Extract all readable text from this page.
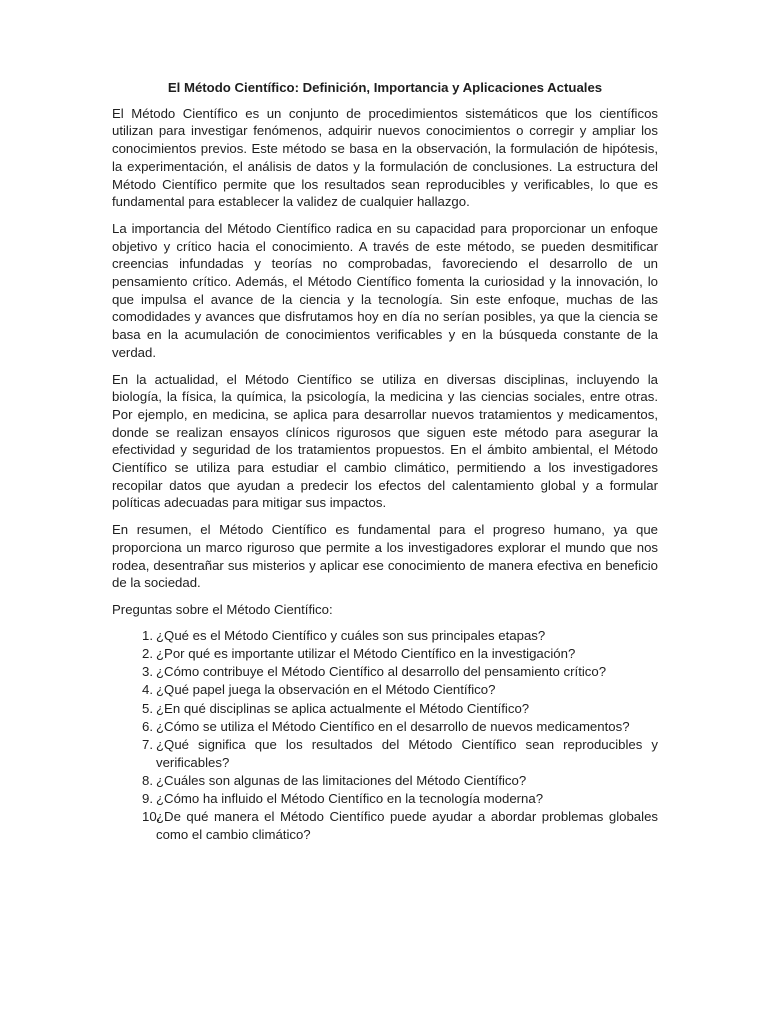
El Método Científico: Definición, Importancia y Aplicaciones Actuales

El Método Científico es un conjunto de procedimientos sistemáticos que los científicos utilizan para investigar fenómenos, adquirir nuevos conocimientos o corregir y ampliar los conocimientos previos. Este método se basa en la observación, la formulación de hipótesis, la experimentación, el análisis de datos y la formulación de conclusiones. La estructura del Método Científico permite que los resultados sean reproducibles y verificables, lo que es fundamental para establecer la validez de cualquier hallazgo.

La importancia del Método Científico radica en su capacidad para proporcionar un enfoque objetivo y crítico hacia el conocimiento. A través de este método, se pueden desmitificar creencias infundadas y teorías no comprobadas, favoreciendo el desarrollo de un pensamiento crítico. Además, el Método Científico fomenta la curiosidad y la innovación, lo que impulsa el avance de la ciencia y la tecnología. Sin este enfoque, muchas de las comodidades y avances que disfrutamos hoy en día no serían posibles, ya que la ciencia se basa en la acumulación de conocimientos verificables y en la búsqueda constante de la verdad.

En la actualidad, el Método Científico se utiliza en diversas disciplinas, incluyendo la biología, la física, la química, la psicología, la medicina y las ciencias sociales, entre otras. Por ejemplo, en medicina, se aplica para desarrollar nuevos tratamientos y medicamentos, donde se realizan ensayos clínicos rigurosos que siguen este método para asegurar la efectividad y seguridad de los tratamientos propuestos. En el ámbito ambiental, el Método Científico se utiliza para estudiar el cambio climático, permitiendo a los investigadores recopilar datos que ayudan a predecir los efectos del calentamiento global y a formular políticas adecuadas para mitigar sus impactos.

En resumen, el Método Científico es fundamental para el progreso humano, ya que proporciona un marco riguroso que permite a los investigadores explorar el mundo que nos rodea, desentrañar sus misterios y aplicar ese conocimiento de manera efectiva en beneficio de la sociedad.

Preguntas sobre el Método Científico:

1. ¿Qué es el Método Científico y cuáles son sus principales etapas?
2. ¿Por qué es importante utilizar el Método Científico en la investigación?
3. ¿Cómo contribuye el Método Científico al desarrollo del pensamiento crítico?
4. ¿Qué papel juega la observación en el Método Científico?
5. ¿En qué disciplinas se aplica actualmente el Método Científico?
6. ¿Cómo se utiliza el Método Científico en el desarrollo de nuevos medicamentos?
7. ¿Qué significa que los resultados del Método Científico sean reproducibles y verificables?
8. ¿Cuáles son algunas de las limitaciones del Método Científico?
9. ¿Cómo ha influido el Método Científico en la tecnología moderna?
10.
¿De qué manera el Método Científico puede ayudar a abordar problemas globales como el cambio climático?
